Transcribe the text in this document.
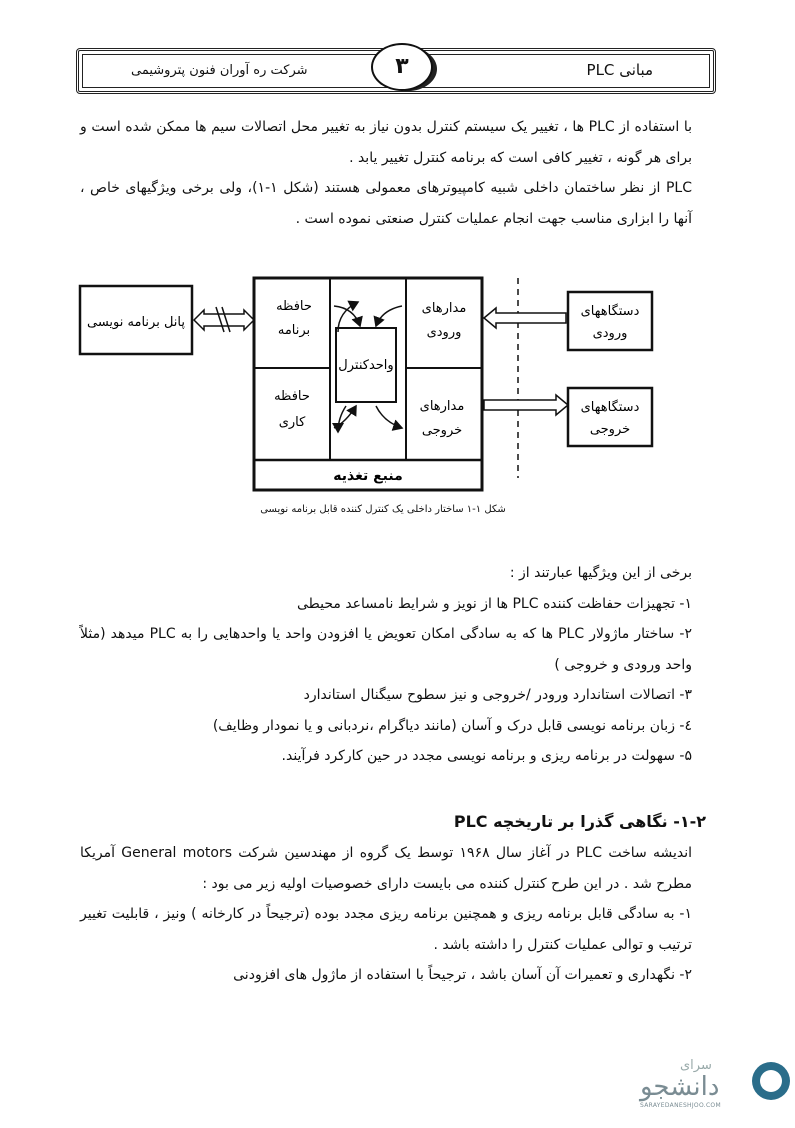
۳
شرکت ره آوران فنون پتروشیمی	مبانی PLC

با استفاده از PLC ها ، تغییر یک سیستم کنترل بدون نیاز به تغییر محل اتصالات سیم ها ممکن شده است و برای هر گونه ، تغییر کافی است که برنامه کنترل تغییر یابد .

PLC از نظر ساختمان داخلی شبیه کامپیوترهای معمولی هستند (شکل ۱-۱)، ولی برخی ویژگیهای خاص ، آنها را ابزاری مناسب جهت انجام عملیات کنترل صنعتی نموده است .

پانل برنامه نویسی
واحدکنترل
حافظه
برنامه
حافظه
کاری
مدارهای
ورودی
مدارهای
خروجی
منبع تغذیه
دستگاههای
ورودی
دستگاههای
خروجی
شکل ۱-۱ ساختار داخلی یک کنترل کننده قابل برنامه نویسی

برخی از این ویژگیها عبارتند از :

۱- تجهیزات حفاظت کننده PLC ها از نویز و شرایط نامساعد محیطی

۲- ساختار ماژولار PLC ها که به سادگی امکان تعویض یا افزودن واحد یا واحدهایی را به PLC میدهد (مثلاً واحد ورودی و خروجی )

۳- اتصالات استاندارد ورودر /خروجی و نیز سطوح سیگنال استاندارد

٤- زبان برنامه نویسی قابل درک و آسان (مانند دیاگرام ،نردبانی و یا نمودار وظایف)

۵- سهولت در برنامه ریزی و برنامه نویسی مجدد در حین کارکرد فرآیند.

۱-۲- نگاهی گذرا بر تاریخچه PLC

اندیشه ساخت PLC در آغاز سال ۱۹۶۸ توسط یک گروه از مهندسین شرکت General motors آمریکا مطرح شد . در این طرح کنترل کننده می بایست دارای خصوصیات اولیه زیر می بود :

۱- به سادگی قابل برنامه ریزی و همچنین برنامه ریزی مجدد بوده (ترجیحاً در کارخانه ) ونیز ، قابلیت تغییر ترتیب و توالی عملیات کنترل را داشته باشد .

۲- نگهداری و تعمیرات آن آسان باشد ، ترجیحاً با استفاده از ماژول های افزودنی

سرای
دانشجو
SARAYEDANESHJOO.COM
